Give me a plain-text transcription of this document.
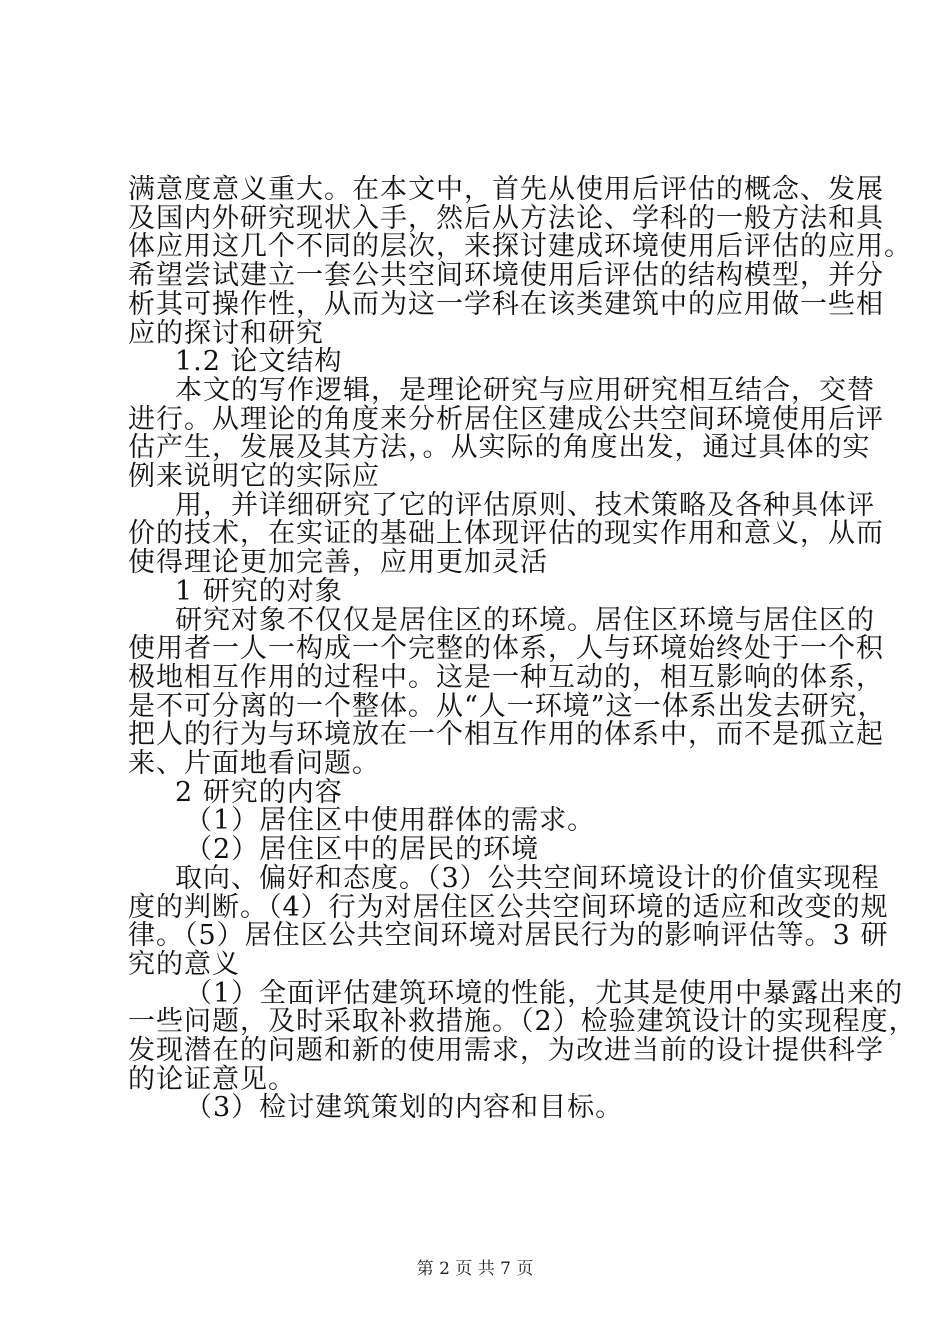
满意度意义重大。在本文中，首先从使用后评估的概念、发展
及国内外研究现状入手，然后从方法论、学科的一般方法和具
体应用这几个不同的层次，来探讨建成环境使用后评估的应用。
希望尝试建立一套公共空间环境使用后评估的结构模型，并分
析其可操作性，从而为这一学科在该类建筑中的应用做一些相
应的探讨和研究
1.2 论文结构
本文的写作逻辑，是理论研究与应用研究相互结合，交替
进行。从理论的角度来分析居住区建成公共空间环境使用后评
估产生，发展及其方法，。从实际的角度出发，通过具体的实
例来说明它的实际应
用，并详细研究了它的评估原则、技术策略及各种具体评
价的技术，在实证的基础上体现评估的现实作用和意义，从而
使得理论更加完善，应用更加灵活
1 研究的对象
研究对象不仅仅是居住区的环境。居住区环境与居住区的
使用者一人一构成一个完整的体系，人与环境始终处于一个积
极地相互作用的过程中。这是一种互动的，相互影响的体系，
是不可分离的一个整体。从“人一环境”这一体系出发去研究，
把人的行为与环境放在一个相互作用的体系中，而不是孤立起
来、片面地看问题。
2 研究的内容
（1）居住区中使用群体的需求。
（2）居住区中的居民的环境
取向、偏好和态度。（3）公共空间环境设计的价值实现程
度的判断。（4）行为对居住区公共空间环境的适应和改变的规
律。（5）居住区公共空间环境对居民行为的影响评估等。3 研
究的意义
（1）全面评估建筑环境的性能，尤其是使用中暴露出来的
一些问题，及时采取补救措施。（2）检验建筑设计的实现程度，
发现潜在的问题和新的使用需求，为改进当前的设计提供科学
的论证意见。
（3）检讨建筑策划的内容和目标。
第 2 页 共 7 页
